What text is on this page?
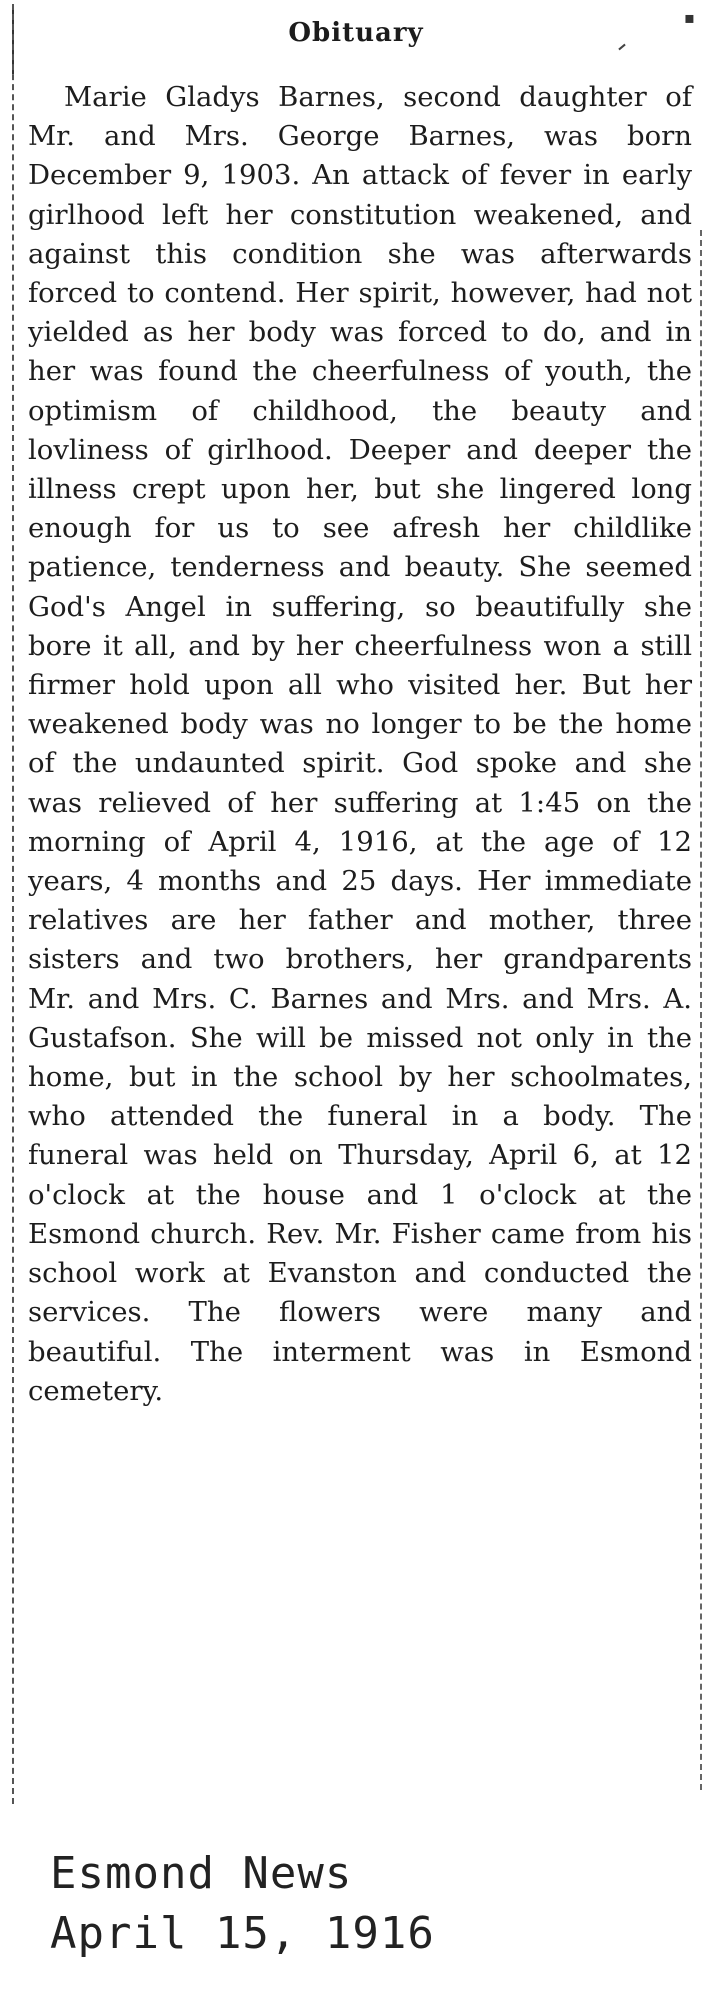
▪
Obituary

Marie Gladys Barnes, second daughter of Mr. and Mrs. George Barnes, was born December 9, 1903. An attack of fever in early girlhood left her constitution weakened, and against this condition she was afterwards forced to contend. Her spirit, however, had not yielded as her body was forced to do, and in her was found the cheerfulness of youth, the optimism of childhood, the beauty and lovliness of girlhood. Deeper and deeper the illness crept upon her, but she lingered long enough for us to see afresh her childlike patience, tenderness and beauty. She seemed God's Angel in suffering, so beautifully she bore it all, and by her cheerfulness won a still firmer hold upon all who visited her. But her weakened body was no longer to be the home of the undaunted spirit. God spoke and she was relieved of her suffering at 1:45 on the morning of April 4, 1916, at the age of 12 years, 4 months and 25 days. Her immediate relatives are her father and mother, three sisters and two brothers, her grandparents Mr. and Mrs. C. Barnes and Mrs. and Mrs. A. Gustafson. She will be missed not only in the home, but in the school by her schoolmates, who attended the funeral in a body. The funeral was held on Thursday, April 6, at 12 o'clock at the house and 1 o'clock at the Esmond church. Rev. Mr. Fisher came from his school work at Evanston and conducted the services. The flowers were many and beautiful. The interment was in Esmond cemetery.

Esmond News
April 15, 1916
